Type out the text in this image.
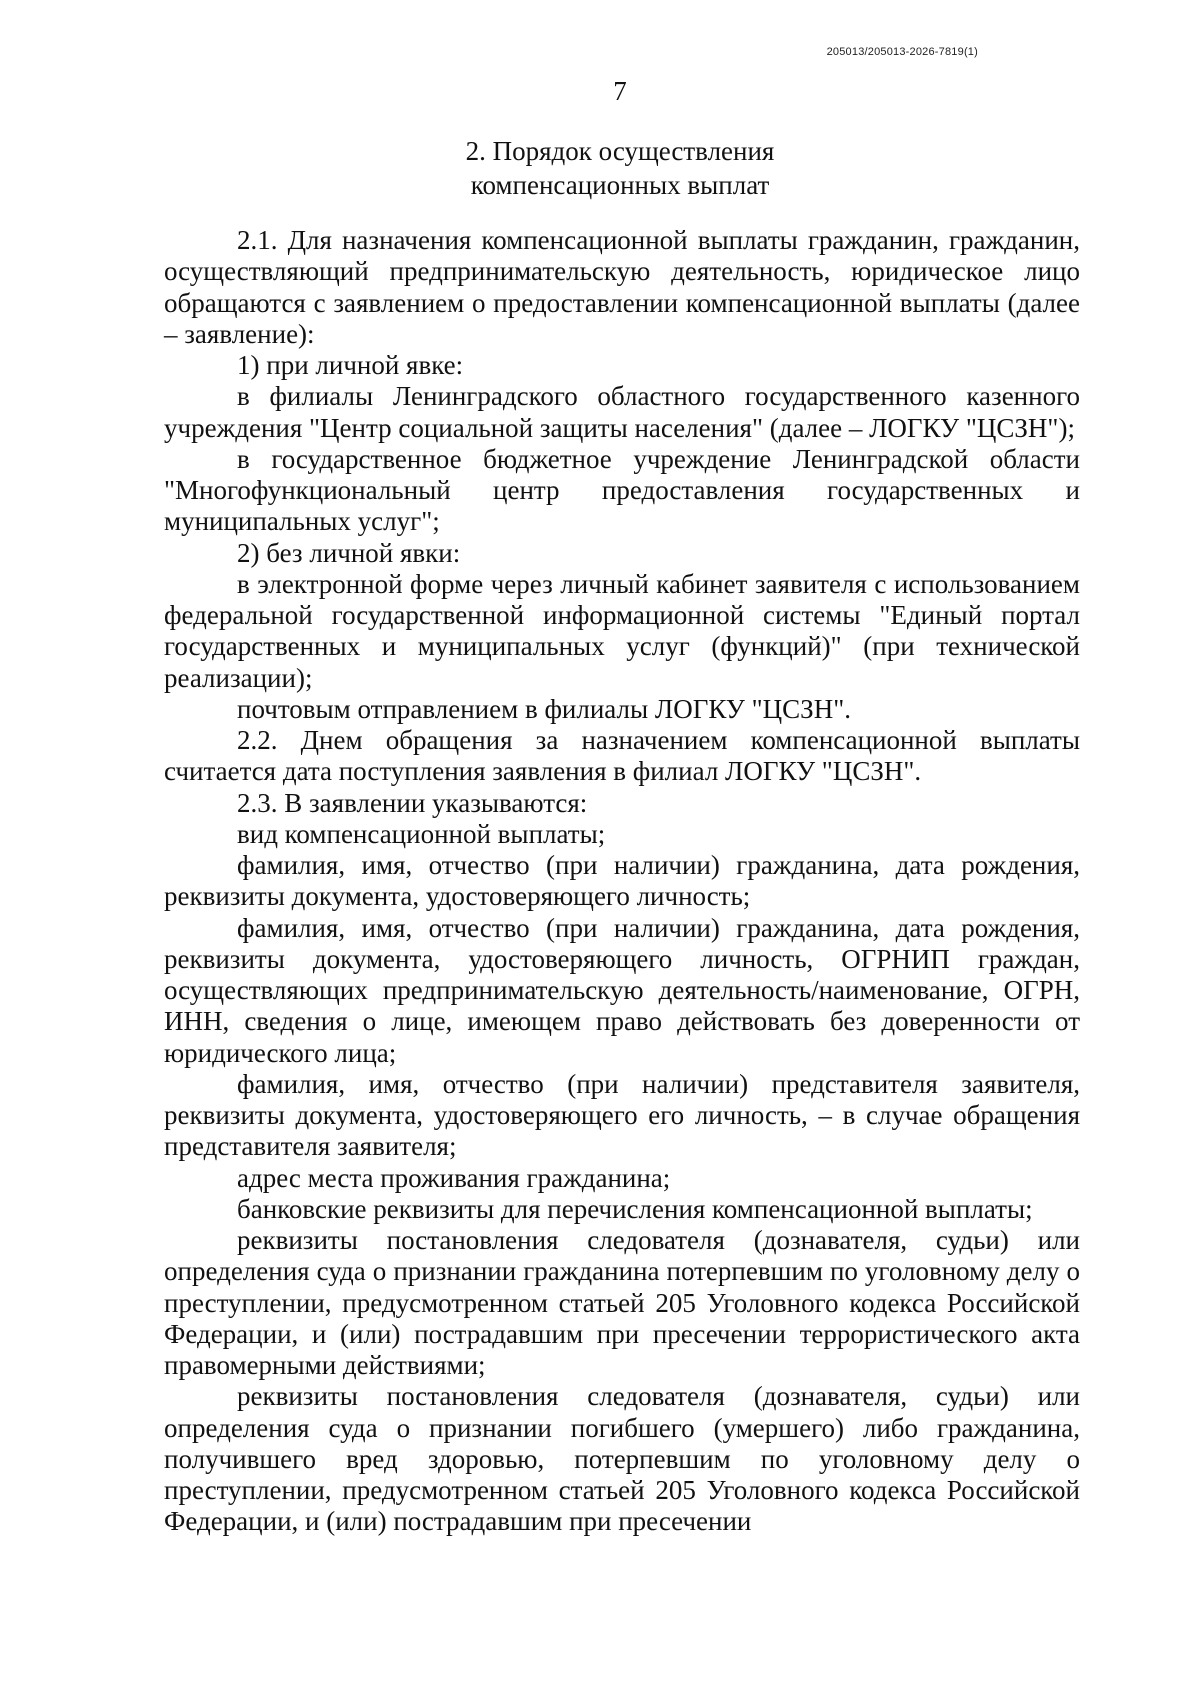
205013/205013-2026-7819(1)
7
2. Порядок осуществления
компенсационных выплат

2.1. Для назначения компенсационной выплаты гражданин, гражданин, осуществляющий предпринимательскую деятельность, юридическое лицо обращаются с заявлением о предоставлении компенсационной выплаты (далее – заявление):

1) при личной явке:

в филиалы Ленинградского областного государственного казенного учреждения "Центр социальной защиты населения" (далее – ЛОГКУ "ЦСЗН");

в государственное бюджетное учреждение Ленинградской области "Многофункциональный центр предоставления государственных и муниципальных услуг";

2) без личной явки:

в электронной форме через личный кабинет заявителя с использованием федеральной государственной информационной системы "Единый портал государственных и муниципальных услуг (функций)" (при технической реализации);

почтовым отправлением в филиалы ЛОГКУ "ЦСЗН".

2.2. Днем обращения за назначением компенсационной выплаты считается дата поступления заявления в филиал ЛОГКУ "ЦСЗН".

2.3. В заявлении указываются:

вид компенсационной выплаты;

фамилия, имя, отчество (при наличии) гражданина, дата рождения, реквизиты документа, удостоверяющего личность;

фамилия, имя, отчество (при наличии) гражданина, дата рождения, реквизиты документа, удостоверяющего личность, ОГРНИП граждан, осуществляющих предпринимательскую деятельность/наименование, ОГРН, ИНН, сведения о лице, имеющем право действовать без доверенности от юридического лица;

фамилия, имя, отчество (при наличии) представителя заявителя, реквизиты документа, удостоверяющего его личность, – в случае обращения представителя заявителя;

адрес места проживания гражданина;

банковские реквизиты для перечисления компенсационной выплаты;

реквизиты постановления следователя (дознавателя, судьи) или определения суда о признании гражданина потерпевшим по уголовному делу о преступлении, предусмотренном статьей 205 Уголовного кодекса Российской Федерации, и (или) пострадавшим при пресечении террористического акта правомерными действиями;

реквизиты постановления следователя (дознавателя, судьи) или определения суда о признании погибшего (умершего) либо гражданина, получившего вред здоровью, потерпевшим по уголовному делу о преступлении, предусмотренном статьей 205 Уголовного кодекса Российской Федерации, и (или) пострадавшим при пресечении
